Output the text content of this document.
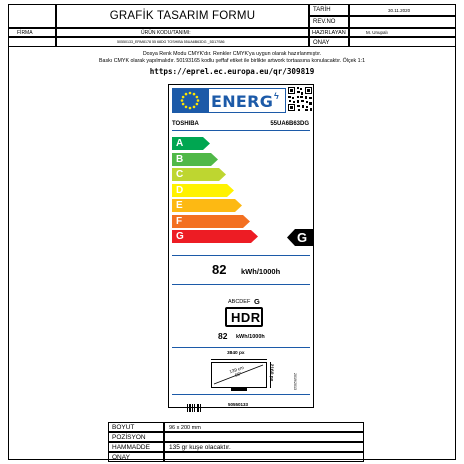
GRAFİK TASARIM FORMU	TARİH	30.11.2020
REV.NO
FİRMA	ÜRÜN KODU/TANIMI:	HAZIRLAYAN	M. Unupalı
50550133_ERM8178 55 68DG TOSHIBA 55UA6B63DG _5D17S86	ONAY
Dosya Renk Modu CMYK'dır. Renkler CMYK'ya uygun olarak hazırlanmıştır.
Baskı CMYK olarak yapılmalıdır. 50193165 kodlu şeffaf etiket ile birlikte artwork tortaasına konulacaktır. Ölçek 1:1
https://eprel.ec.europa.eu/qr/309819
ENERG ϟ
TOSHIBA	55UA6B63DG
A
B
C
D
E
F
G	G
82 kWh/1000h
ABCDEF G
HDR
82 kWh/1000h
3840 px
139 cm
55"	2160 px
2019/2013
50550133
BOYUT	96 x 200 mm
POZİSYON
HAMMADDE	135 gr kuşe olacaktır.
ONAY
